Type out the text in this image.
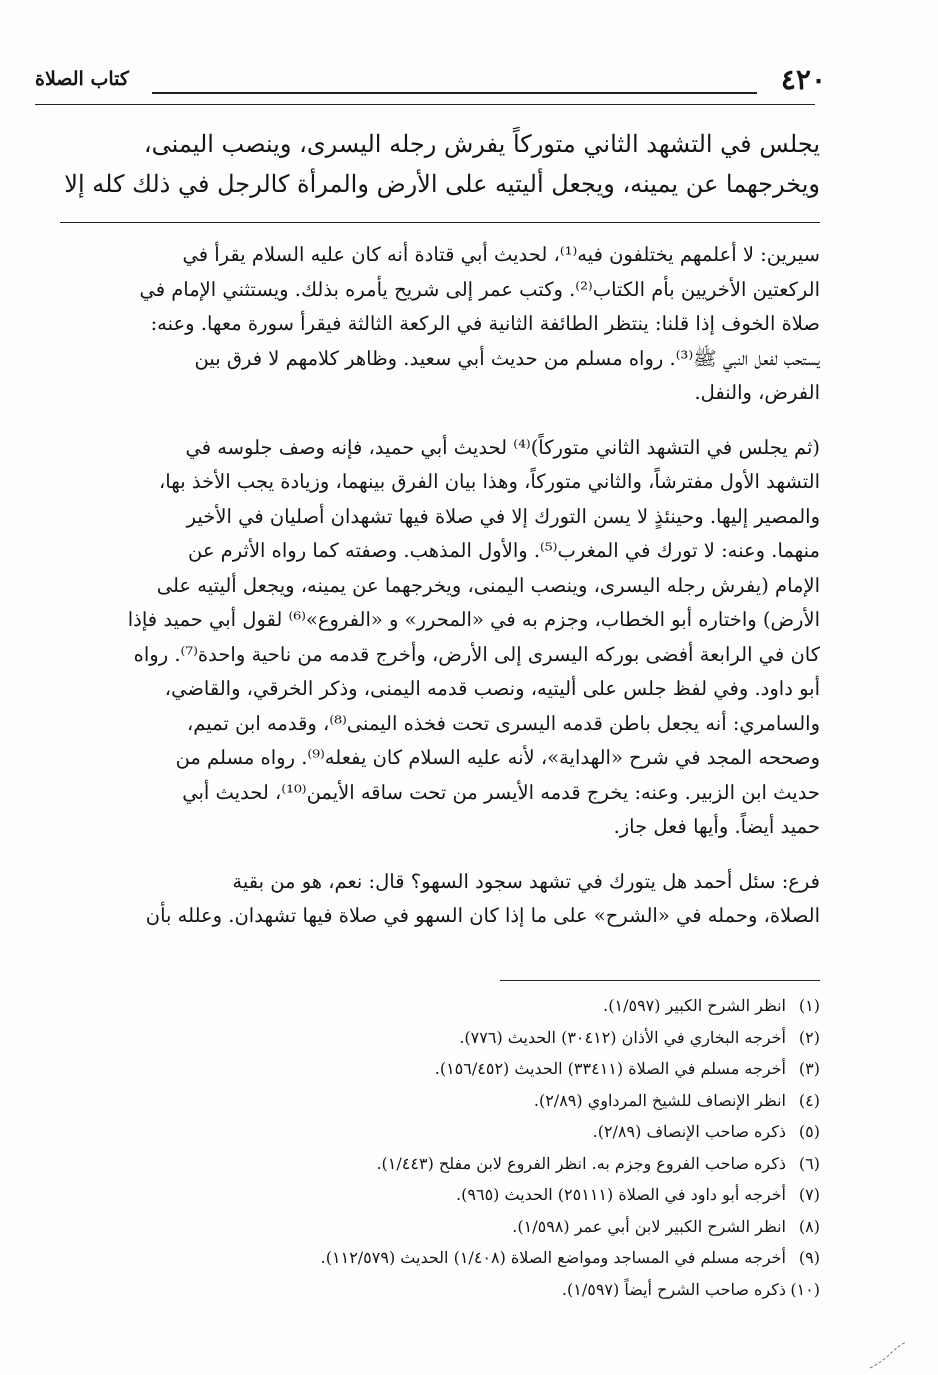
٤٢٠
كتاب الصلاة
يجلس في التشهد الثاني متوركاً يفرش رجله اليسرى، وينصب اليمنى،
ويخرجهما عن يمينه، ويجعل أليتيه على الأرض والمرأة كالرجل في ذلك كله إلا
سيرين: لا أعلمهم يختلفون فيه⁽¹⁾، لحديث أبي قتادة أنه كان عليه السلام يقرأ في
الركعتين الأخريين بأم الكتاب⁽²⁾. وكتب عمر إلى شريح يأمره بذلك. ويستثني الإمام في
صلاة الخوف إذا قلنا: ينتظر الطائفة الثانية في الركعة الثالثة فيقرأ سورة معها. وعنه:
يستحب لفعل النبي ﷺ⁽³⁾. رواه مسلم من حديث أبي سعيد. وظاهر كلامهم لا فرق بين
الفرض، والنفل.
(ثم يجلس في التشهد الثاني متوركاً)⁽⁴⁾ لحديث أبي حميد، فإنه وصف جلوسه في
التشهد الأول مفترشاً، والثاني متوركاً، وهذا بيان الفرق بينهما، وزيادة يجب الأخذ بها،
والمصير إليها. وحينئذٍ لا يسن التورك إلا في صلاة فيها تشهدان أصليان في الأخير
منهما. وعنه: لا تورك في المغرب⁽⁵⁾. والأول المذهب. وصفته كما رواه الأثرم عن
الإمام (يفرش رجله اليسرى، وينصب اليمنى، ويخرجهما عن يمينه، ويجعل أليتيه على
الأرض) واختاره أبو الخطاب، وجزم به في «المحرر» و «الفروع»⁽⁶⁾ لقول أبي حميد فإذا
كان في الرابعة أفضى بوركه اليسرى إلى الأرض، وأخرج قدمه من ناحية واحدة⁽⁷⁾. رواه
أبو داود. وفي لفظ جلس على أليتيه، ونصب قدمه اليمنى، وذكر الخرقي، والقاضي،
والسامري: أنه يجعل باطن قدمه اليسرى تحت فخذه اليمنى⁽⁸⁾، وقدمه ابن تميم،
وصححه المجد في شرح «الهداية»، لأنه عليه السلام كان يفعله⁽⁹⁾. رواه مسلم من
حديث ابن الزبير. وعنه: يخرج قدمه الأيسر من تحت ساقه الأيمن⁽¹⁰⁾، لحديث أبي
حميد أيضاً. وأيها فعل جاز.
فرع: سئل أحمد هل يتورك في تشهد سجود السهو؟ قال: نعم، هو من بقية
الصلاة، وحمله في «الشرح» على ما إذا كان السهو في صلاة فيها تشهدان. وعلله بأن
(١)
انظر الشرح الكبير (١/٥٩٧).
(٢)
أخرجه البخاري في الأذان (٣٠٤١٢) الحديث (٧٧٦).
(٣)
أخرجه مسلم في الصلاة (٣٣٤١١) الحديث (١٥٦/٤٥٢).
(٤)
انظر الإنصاف للشيخ المرداوي (٢/٨٩).
(٥)
ذكره صاحب الإنصاف (٢/٨٩).
(٦)
ذكره صاحب الفروع وجزم به. انظر الفروع لابن مفلح (١/٤٤٣).
(٧)
أخرجه أبو داود في الصلاة (٢٥١١١) الحديث (٩٦٥).
(٨)
انظر الشرح الكبير لابن أبي عمر (١/٥٩٨).
(٩)
أخرجه مسلم في المساجد ومواضع الصلاة (١/٤٠٨) الحديث (١١٢/٥٧٩).
(١٠)
ذكره صاحب الشرح أيضاً (١/٥٩٧).
